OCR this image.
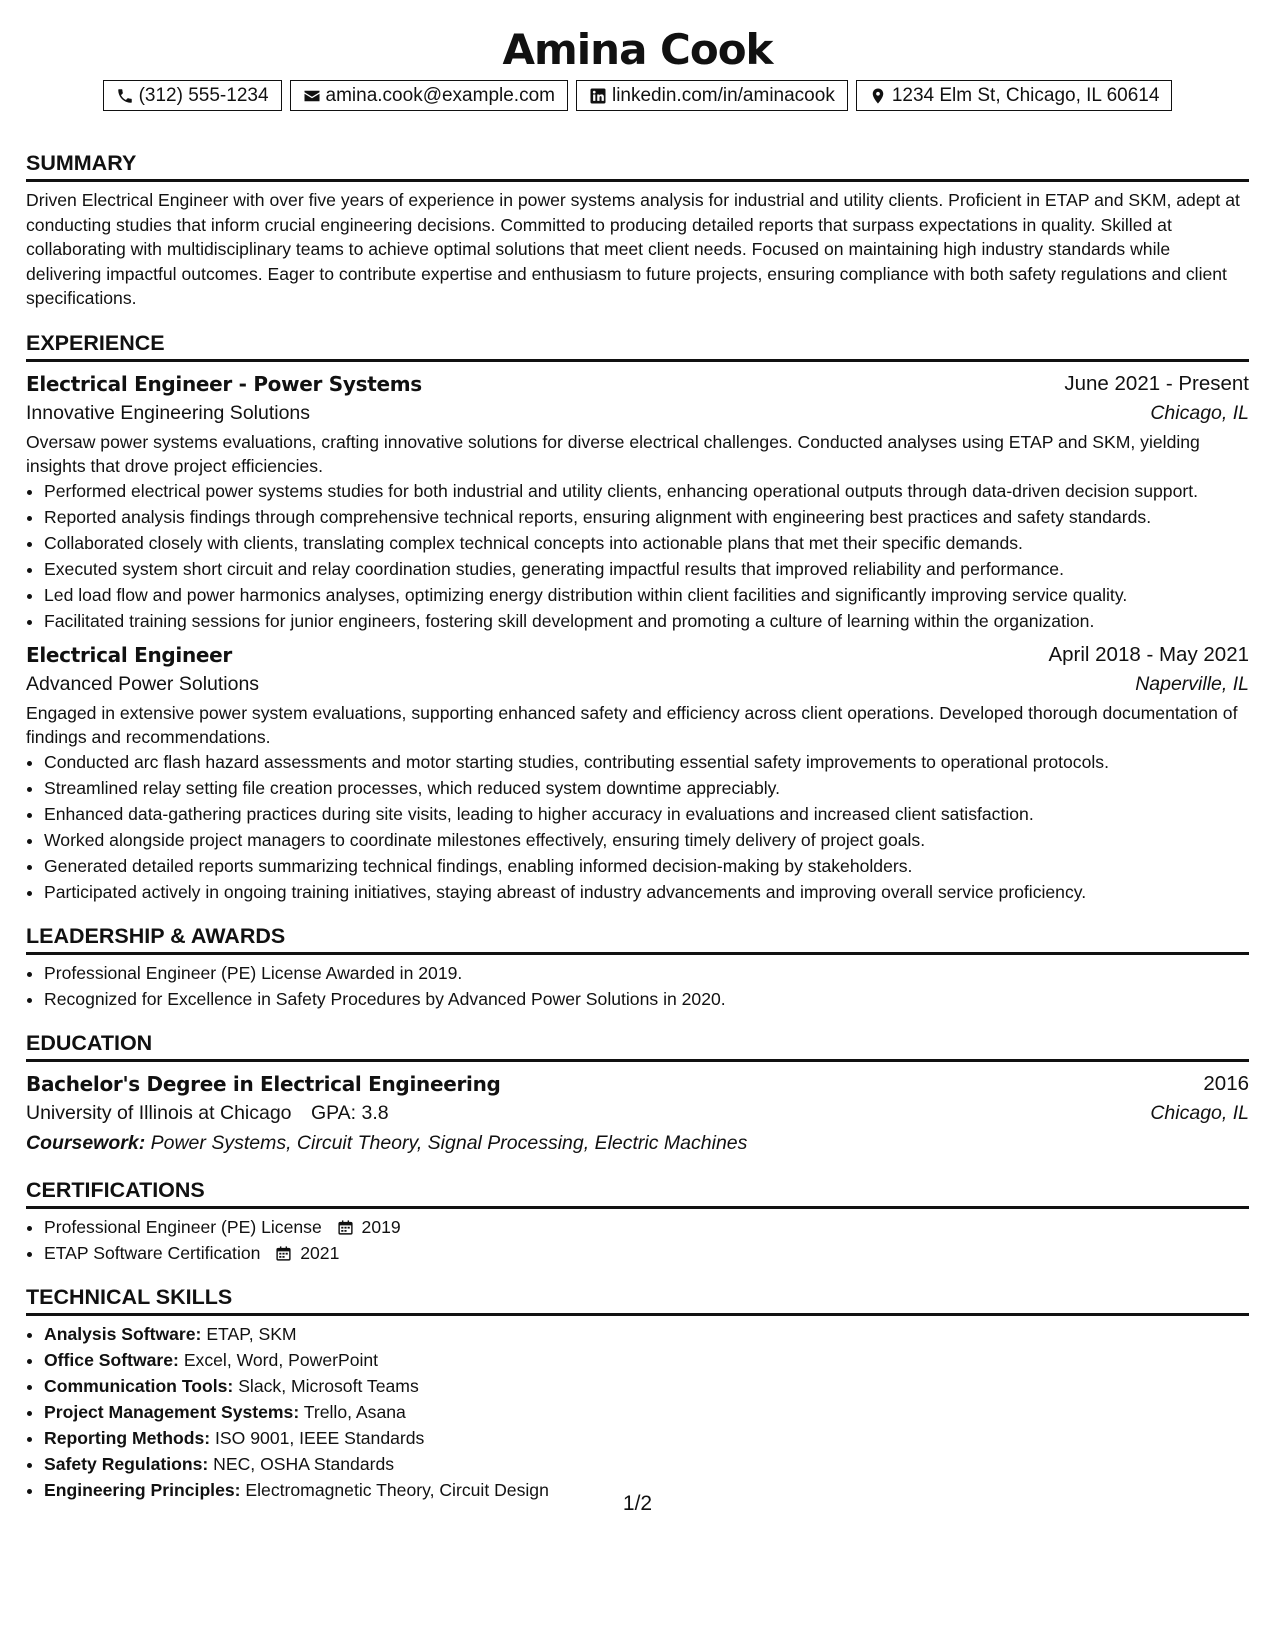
Amina Cook
(312) 555-1234	amina.cook@example.com	linkedin.com/in/aminacook	1234 Elm St, Chicago, IL 60614
SUMMARY
Driven Electrical Engineer with over five years of experience in power systems analysis for industrial and utility clients. Proficient in ETAP and SKM, adept at conducting studies that inform crucial engineering decisions. Committed to producing detailed reports that surpass expectations in quality. Skilled at collaborating with multidisciplinary teams to achieve optimal solutions that meet client needs. Focused on maintaining high industry standards while delivering impactful outcomes. Eager to contribute expertise and enthusiasm to future projects, ensuring compliance with both safety regulations and client specifications.
EXPERIENCE
Electrical Engineer - Power Systems	June 2021 - Present
Innovative Engineering Solutions	Chicago, IL
Oversaw power systems evaluations, crafting innovative solutions for diverse electrical challenges. Conducted analyses using ETAP and SKM, yielding insights that drove project efficiencies.
• Performed electrical power systems studies for both industrial and utility clients, enhancing operational outputs through data-driven decision support.
• Reported analysis findings through comprehensive technical reports, ensuring alignment with engineering best practices and safety standards.
• Collaborated closely with clients, translating complex technical concepts into actionable plans that met their specific demands.
• Executed system short circuit and relay coordination studies, generating impactful results that improved reliability and performance.
• Led load flow and power harmonics analyses, optimizing energy distribution within client facilities and significantly improving service quality.
• Facilitated training sessions for junior engineers, fostering skill development and promoting a culture of learning within the organization.
Electrical Engineer	April 2018 - May 2021
Advanced Power Solutions	Naperville, IL
Engaged in extensive power system evaluations, supporting enhanced safety and efficiency across client operations. Developed thorough documentation of findings and recommendations.
• Conducted arc flash hazard assessments and motor starting studies, contributing essential safety improvements to operational protocols.
• Streamlined relay setting file creation processes, which reduced system downtime appreciably.
• Enhanced data-gathering practices during site visits, leading to higher accuracy in evaluations and increased client satisfaction.
• Worked alongside project managers to coordinate milestones effectively, ensuring timely delivery of project goals.
• Generated detailed reports summarizing technical findings, enabling informed decision-making by stakeholders.
• Participated actively in ongoing training initiatives, staying abreast of industry advancements and improving overall service proficiency.
LEADERSHIP & AWARDS
• Professional Engineer (PE) License Awarded in 2019.
• Recognized for Excellence in Safety Procedures by Advanced Power Solutions in 2020.
EDUCATION
Bachelor's Degree in Electrical Engineering	2016
University of Illinois at Chicago GPA: 3.8	Chicago, IL
Coursework: Power Systems, Circuit Theory, Signal Processing, Electric Machines
CERTIFICATIONS
• Professional Engineer (PE) License 2019
• ETAP Software Certification 2021
TECHNICAL SKILLS
• Analysis Software: ETAP, SKM
• Office Software: Excel, Word, PowerPoint
• Communication Tools: Slack, Microsoft Teams
• Project Management Systems: Trello, Asana
• Reporting Methods: ISO 9001, IEEE Standards
• Safety Regulations: NEC, OSHA Standards
• Engineering Principles: Electromagnetic Theory, Circuit Design
1/2
